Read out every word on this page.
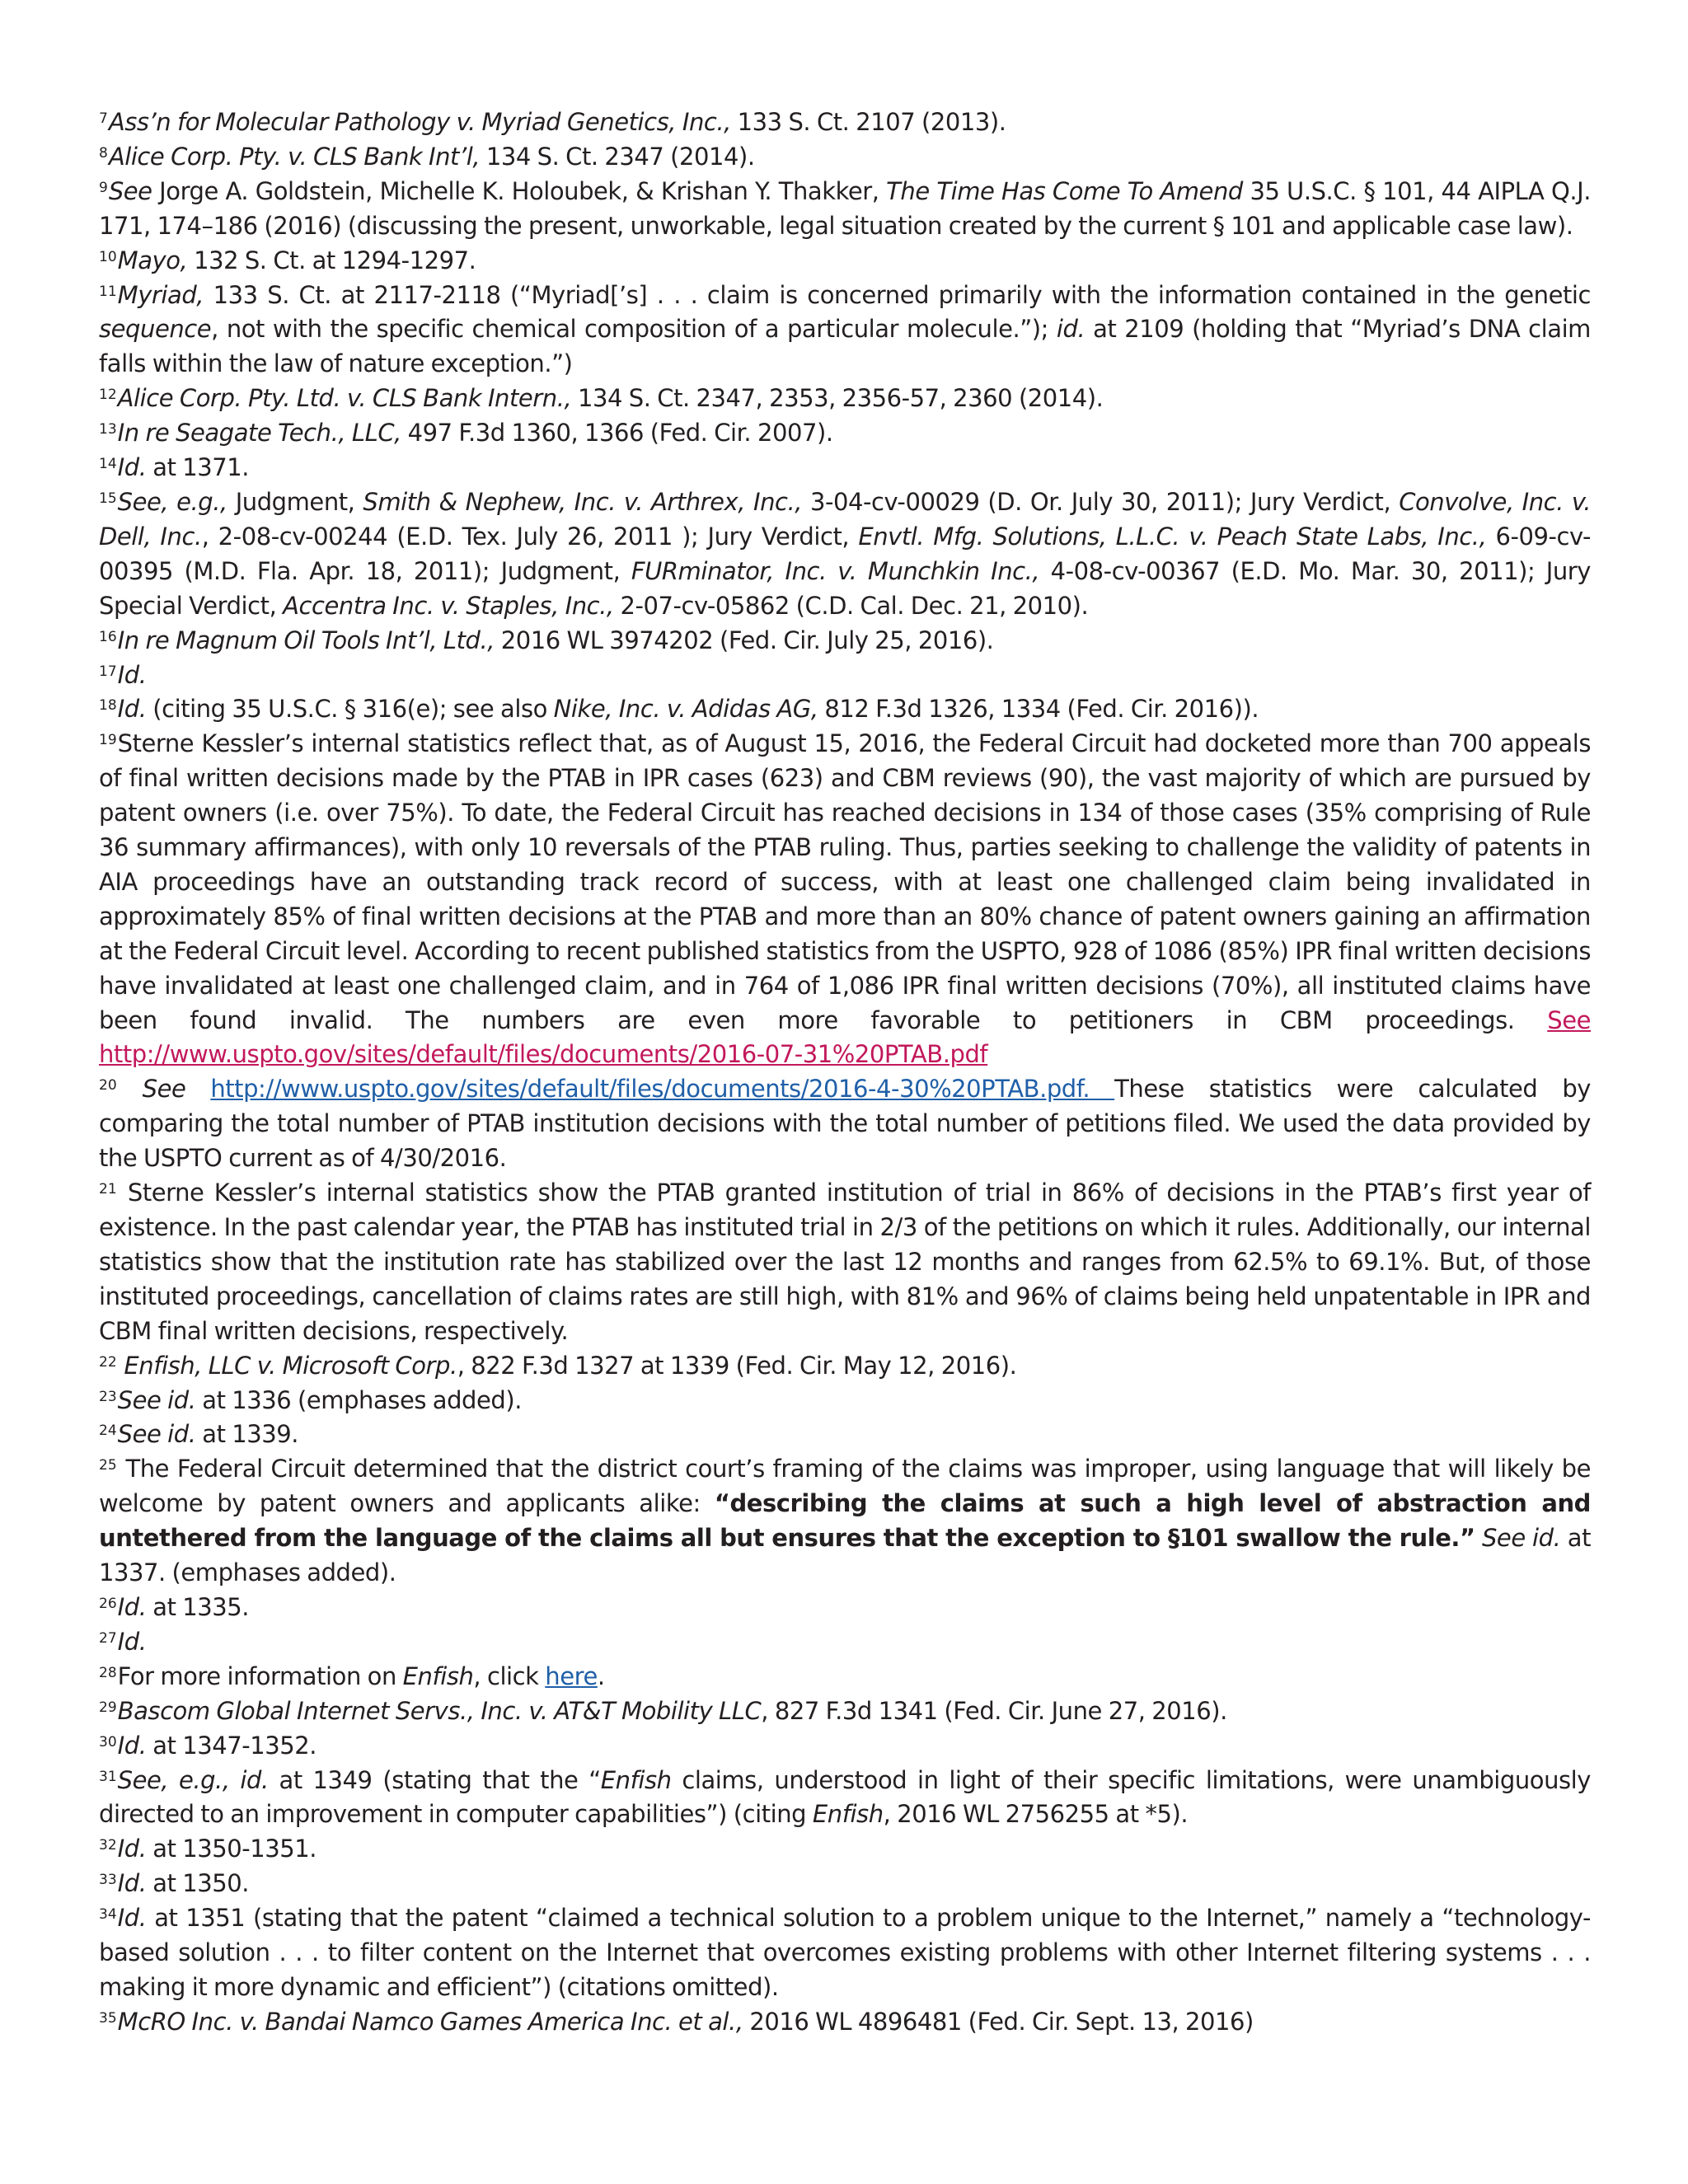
$^7$Ass’n for Molecular Pathology v. Myriad Genetics, Inc., 133 S. Ct. 2107 (2013).

$^8$Alice Corp. Pty. v. CLS Bank Int’l, 134 S. Ct. 2347 (2014).

$^9$See Jorge A. Goldstein, Michelle K. Holoubek, & Krishan Y. Thakker, The Time Has Come To Amend 35 U.S.C. § 101, 44 AIPLA Q.J. 171, 174–186 (2016) (discussing the present, unworkable, legal situation created by the current § 101 and applicable case law).

$^{10}$Mayo, 132 S. Ct. at 1294-1297.

$^{11}$Myriad, 133 S. Ct. at 2117-2118 (“Myriad[’s] . . . claim is concerned primarily with the information contained in the genetic sequence, not with the specific chemical composition of a particular molecule.”); id. at 2109 (holding that “Myriad’s DNA claim falls within the law of nature exception.”)

$^{12}$Alice Corp. Pty. Ltd. v. CLS Bank Intern., 134 S. Ct. 2347, 2353, 2356-57, 2360 (2014).

$^{13}$In re Seagate Tech., LLC, 497 F.3d 1360, 1366 (Fed. Cir. 2007).

$^{14}$Id. at 1371.

$^{15}$See, e.g., Judgment, Smith & Nephew, Inc. v. Arthrex, Inc., 3-04-cv-00029 (D. Or. July 30, 2011); Jury Verdict, Convolve, Inc. v. Dell, Inc., 2-08-cv-00244 (E.D. Tex. July 26, 2011 ); Jury Verdict, Envtl. Mfg. Solutions, L.L.C. v. Peach State Labs, Inc., 6-09-cv-00395 (M.D. Fla. Apr. 18, 2011); Judgment, FURminator, Inc. v. Munchkin Inc., 4-08-cv-00367 (E.D. Mo. Mar. 30, 2011); Jury Special Verdict, Accentra Inc. v. Staples, Inc., 2-07-cv-05862 (C.D. Cal. Dec. 21, 2010).

$^{16}$In re Magnum Oil Tools Int’l, Ltd., 2016 WL 3974202 (Fed. Cir. July 25, 2016).

$^{17}$Id.

$^{18}$Id. (citing 35 U.S.C. § 316(e); see also Nike, Inc. v. Adidas AG, 812 F.3d 1326, 1334 (Fed. Cir. 2016)).

$^{19}$Sterne Kessler’s internal statistics reflect that, as of August 15, 2016, the Federal Circuit had docketed more than 700 appeals of final written decisions made by the PTAB in IPR cases (623) and CBM reviews (90), the vast majority of which are pursued by patent owners (i.e. over 75%). To date, the Federal Circuit has reached decisions in 134 of those cases (35% comprising of Rule 36 summary affirmances), with only 10 reversals of the PTAB ruling. Thus, parties seeking to challenge the validity of patents in AIA proceedings have an outstanding track record of success, with at least one challenged claim being invalidated in approximately 85% of final written decisions at the PTAB and more than an 80% chance of patent owners gaining an affirmation at the Federal Circuit level. According to recent published statistics from the USPTO, 928 of 1086 (85%) IPR final written decisions have invalidated at least one challenged claim, and in 764 of 1,086 IPR final written decisions (70%), all instituted claims have been found invalid. The numbers are even more favorable to petitioners in CBM proceedings. See http://www.uspto.gov/sites/default/files/documents/2016-07-31%20PTAB.pdf

$^{20}$ See http://www.uspto.gov/sites/default/files/documents/2016-4-30%20PTAB.pdf. These statistics were calculated by comparing the total number of PTAB institution decisions with the total number of petitions filed. We used the data provided by the USPTO current as of 4/30/2016.

$^{21}$ Sterne Kessler’s internal statistics show the PTAB granted institution of trial in 86% of decisions in the PTAB’s first year of existence. In the past calendar year, the PTAB has instituted trial in 2/3 of the petitions on which it rules. Additionally, our internal statistics show that the institution rate has stabilized over the last 12 months and ranges from 62.5% to 69.1%. But, of those instituted proceedings, cancellation of claims rates are still high, with 81% and 96% of claims being held unpatentable in IPR and CBM final written decisions, respectively.

$^{22}$ Enfish, LLC v. Microsoft Corp., 822 F.3d 1327 at 1339 (Fed. Cir. May 12, 2016).

$^{23}$See id. at 1336 (emphases added).

$^{24}$See id. at 1339.

$^{25}$ The Federal Circuit determined that the district court’s framing of the claims was improper, using language that will likely be welcome by patent owners and applicants alike: “describing the claims at such a high level of abstraction and untethered from the language of the claims all but ensures that the exception to §101 swallow the rule.” See id. at 1337. (emphases added).

$^{26}$Id. at 1335.

$^{27}$Id.

$^{28}$For more information on Enfish, click here.

$^{29}$Bascom Global Internet Servs., Inc. v. AT&T Mobility LLC, 827 F.3d 1341 (Fed. Cir. June 27, 2016).

$^{30}$Id. at 1347-1352.

$^{31}$See, e.g., id. at 1349 (stating that the “Enfish claims, understood in light of their specific limitations, were unambiguously directed to an improvement in computer capabilities”) (citing Enfish, 2016 WL 2756255 at *5).

$^{32}$Id. at 1350-1351.

$^{33}$Id. at 1350.

$^{34}$Id. at 1351 (stating that the patent “claimed a technical solution to a problem unique to the Internet,” namely a “technology-based solution . . . to filter content on the Internet that overcomes existing problems with other Internet filtering systems . . . making it more dynamic and efficient”) (citations omitted).

$^{35}$McRO Inc. v. Bandai Namco Games America Inc. et al., 2016 WL 4896481 (Fed. Cir. Sept. 13, 2016)
